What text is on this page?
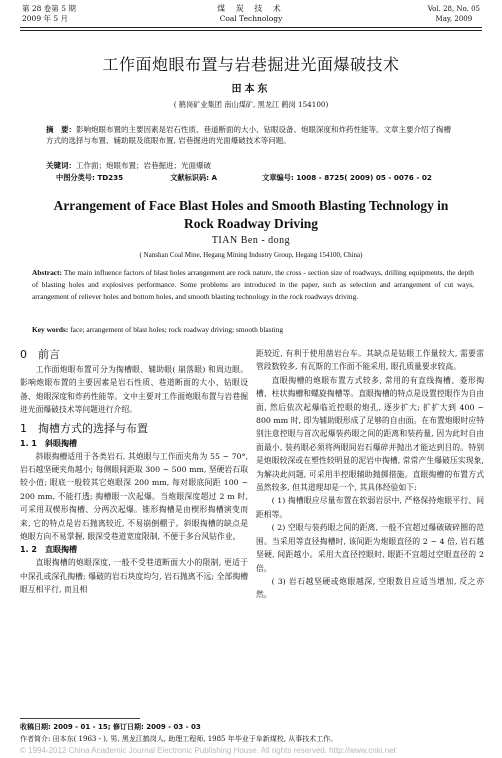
第 28 卷第 5 期
2009 年 5 月
煤 炭 技 术
Coal Technology
Vol. 28, No. 05
May, 2009
工作面炮眼布置与岩巷掘进光面爆破技术
田本东
( 鹤岗矿业集团 南山煤矿, 黑龙江 鹤岗 154100)
摘　要：影响炮眼布置的主要因素是岩石性质、巷道断面的大小、钻眼设备、炮眼深度和炸药性能等。文章主要介绍了掏槽方式的选择与布置、辅助眼及底眼布置, 岩巷掘进的光面爆破技术等问题。
关键词：工作面；炮眼布置；岩巷掘进；光面爆破
中图分类号: TD235	文献标识码: A	文章编号: 1008 - 8725( 2009) 05 - 0076 - 02
Arrangement of Face Blast Holes and Smooth Blasting Technology in
Rock Roadway Driving
TIAN Ben - dong
( Nanshan Coal Mine, Hegang Mining Industry Group, Hegang 154100, China)
Abstract: The main influence factors of blast holes arrangement are rock nature, the cross - section size of roadways, drilling equipments, the depth of blasting holes and explosives performance. Some problems are introduced in the paper, such as selection and arrangement of cut ways, arrangement of reliever holes and bottom holes, and smooth blasting technology in the rock roadways driving.
Key words: face; arrangement of blast holes; rock roadway driving; smooth blasting
0 前言

工作面炮眼布置可分为掏槽眼、辅助眼( 崩落眼) 和周边眼。影响炮眼布置的主要因素是岩石性质、巷道断面的大小、钻眼设备、炮眼深度和炸药性能等。文中主要对工作面炮眼布置与岩巷掘进光面爆破技术等问题进行介绍。

1 掏槽方式的选择与布置
1. 1　斜眼掏槽

斜眼掏槽适用于各类岩石, 其炮眼与工作面夹角为 55 ~ 70°, 岩石越坚硬夹角越小; 每侧眼间距取 300 ~ 500 mm, 坚硬岩石取较小值; 眼底一般较其它炮眼深 200 mm, 每对眼底间距 100 ~ 200 mm, 不能打透; 掏槽眼一次起爆。当炮眼深度超过 2 m 时, 可采用双楔形掏槽、分两次起爆。锥形掏槽是由楔形掏槽演变而来, 它的特点是岩石抛离较近, 不易崩倒棚子。斜眼掏槽的缺点是炮眼方向不易掌握, 眼深受巷道宽度限制, 不便于多台风钻作业。

1. 2　直眼掏槽

直眼掏槽的炮眼深度, 一般不受巷道断面大小的限制, 更适于中深孔或深孔掏槽; 爆破的岩石块度均匀, 岩石抛离不远; 全部掏槽眼互相平行, 而且相

距较近, 有利于使用凿岩台车。其缺点是钻眼工作量较大, 需要雷管段数较多, 有瓦斯的工作面不能采用, 眼孔质量要求较高。

直眼掏槽的炮眼布置方式较多, 常用的有直线掏槽、菱形掏槽、柱状掏槽和螺旋掏槽等。直眼掏槽的特点是设置控眼作为自由面, 然后依次起爆临近控眼的炮孔, 逐步扩大; 扩扩大到 400 ~ 800 mm 时, 即为辅助眼形成了足够的自由面。在布置炮眼时应特别注意控眼与首次起爆装药眼之间的距离和装药量, 因为此时自由面最小, 装药眼必须将两眼间岩石爆碎并抛出才能达到目的。特别是炮眼较深或在塑性较明显的泥岩中掏槽, 常常产生爆破压实现象, 为解决此问题, 可采用半控眼辅助抛掷措施。直眼掏槽的布置方式虽然较多, 但其道理却是一个, 其具体经验如下:

( 1) 掏槽眼应尽量布置在软弱岩层中, 严格保持炮眼平行、间距相等。

( 2) 空眼与装药眼之间的距离, 一般不宜超过爆破破碎圈的范围。当采用等直径掏槽时, 该间距为炮眼直径的 2 ~ 4 倍, 岩石越坚硬, 间距越小。采用大直径控眼时, 眼距不宜超过空眼直径的 2 倍。

( 3) 岩石越坚硬或炮眼越深, 空眼数目应适当增加, 反之亦然。

收稿日期: 2009 - 01 - 15; 修订日期: 2009 - 03 - 03
作者简介: 田本东( 1963 - ), 男, 黑龙江鹤岗人, 助理工程师, 1985 年毕业于阜新煤校, 从事技术工作。
© 1994-2012 China Academic Journal Electronic Publishing House. All rights reserved. http://www.cnki.net
